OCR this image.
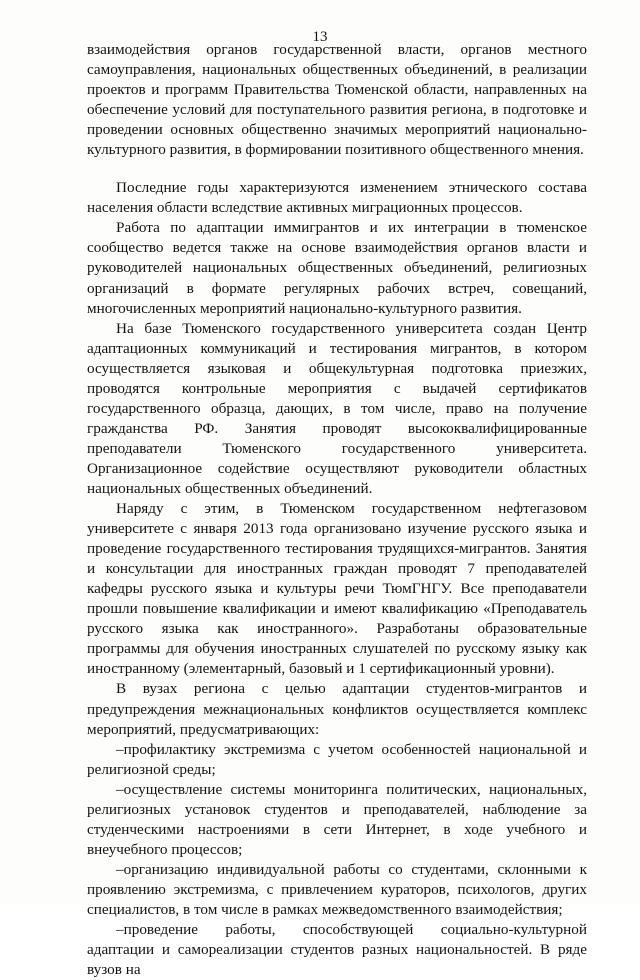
13

взаимодействия органов государственной власти, органов местного самоуправления, национальных общественных объединений, в реализации проектов и программ Правительства Тюменской области, направленных на обеспечение условий для поступательного развития региона, в подготовке и проведении основных общественно значимых мероприятий национально-культурного развития, в формировании позитивного общественного мнения.

Последние годы характеризуются изменением этнического состава населения области вследствие активных миграционных процессов.

Работа по адаптации иммигрантов и их интеграции в тюменское сообщество ведется также на основе взаимодействия органов власти и руководителей национальных общественных объединений, религиозных организаций в формате регулярных рабочих встреч, совещаний, многочисленных мероприятий национально-культурного развития.

На базе Тюменского государственного университета создан Центр адаптационных коммуникаций и тестирования мигрантов, в котором осуществляется языковая и общекультурная подготовка приезжих, проводятся контрольные мероприятия с выдачей сертификатов государственного образца, дающих, в том числе, право на получение гражданства РФ. Занятия проводят высококвалифицированные преподаватели Тюменского государственного университета. Организационное содействие осуществляют руководители областных национальных общественных объединений.

Наряду с этим, в Тюменском государственном нефтегазовом университете с января 2013 года организовано изучение русского языка и проведение государственного тестирования трудящихся-мигрантов. Занятия и консультации для иностранных граждан проводят 7 преподавателей кафедры русского языка и культуры речи ТюмГНГУ. Все преподаватели прошли повышение квалификации и имеют квалификацию «Преподаватель русского языка как иностранного». Разработаны образовательные программы для обучения иностранных слушателей по русскому языку как иностранному (элементарный, базовый и 1 сертификационный уровни).

В вузах региона с целью адаптации студентов-мигрантов и предупреждения межнациональных конфликтов осуществляется комплекс мероприятий, предусматривающих:

–профилактику экстремизма с учетом особенностей национальной и религиозной среды;

–осуществление системы мониторинга политических, национальных, религиозных установок студентов и преподавателей, наблюдение за студенческими настроениями в сети Интернет, в ходе учебного и внеучебного процессов;

–организацию индивидуальной работы со студентами, склонными к проявлению экстремизма, с привлечением кураторов, психологов, других специалистов, в том числе в рамках межведомственного взаимодействия;

–проведение работы, способствующей социально-культурной адаптации и самореализации студентов разных национальностей. В ряде вузов на
